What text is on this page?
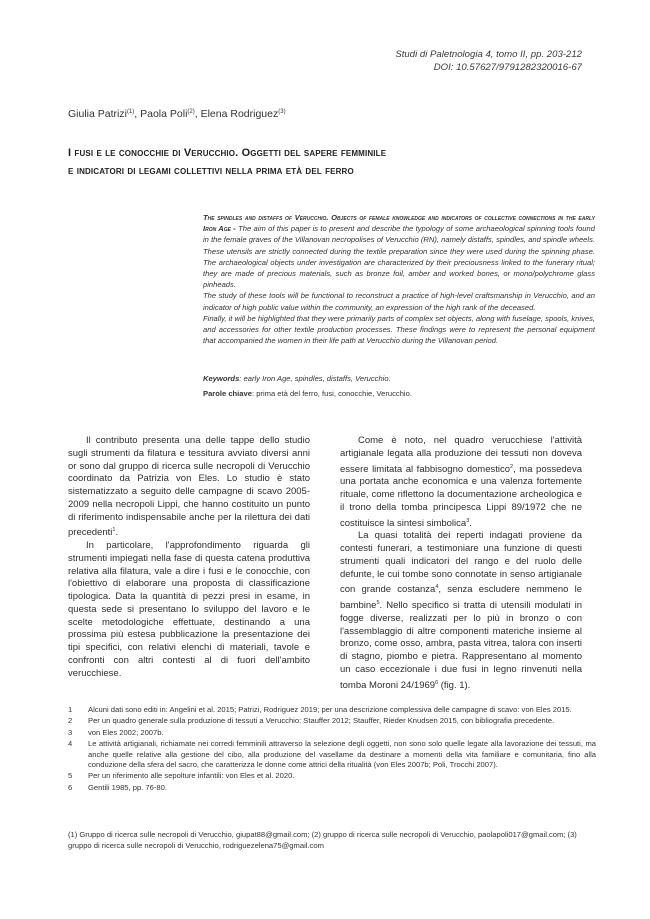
Studi di Paletnologia 4, tomo II, pp. 203-212
DOI: 10.57627/9791282320016-67
Giulia Patrizi$^{(1)}$, Paola Poli$^{(2)}$, Elena Rodriguez$^{(3)}$
I fusi e le conocchie di Verucchio. Oggetti del sapere femminile
e indicatori di legami collettivi nella prima età del ferro

The spindles and distaffs of Verucchio. Objects of female knowledge and indicators of collective connections in the early Iron Age - The aim of this paper is to present and describe the typology of some archaeological spinning tools found in the female graves of the Villanovan necropolises of Verucchio (RN), namely distaffs, spindles, and spindle wheels. These utensils are strictly connected during the textile preparation since they were used during the spinning phase. The archaeological objects under investigation are characterized by their preciousness linked to the funerary ritual; they are made of precious materials, such as bronze foil, amber and worked bones, or mono/polychrome glass pinheads.

The study of these tools will be functional to reconstruct a practice of high-level craftsmanship in Verucchio, and an indicator of high public value within the community, an expression of the high rank of the deceased.

Finally, it will be highlighted that they were primarily parts of complex set objects, along with fuselage, spools, knives, and accessories for other textile production processes. These findings were to represent the personal equipment that accompanied the women in their life path at Verucchio during the Villanovan period.

Keywords: early Iron Age, spindles, distaffs, Verucchio.
Parole chiave: prima età del ferro, fusi, conocchie, Verucchio.

Il contributo presenta una delle tappe dello studio sugli strumenti da filatura e tessitura avviato diversi anni or sono dal gruppo di ricerca sulle necropoli di Verucchio coordinato da Patrizia von Eles. Lo studio è stato sistematizzato a seguito delle campagne di scavo 2005-2009 nella necropoli Lippi, che hanno costituito un punto di riferimento indispensabile anche per la rilettura dei dati precedenti$^1$.

In particolare, l'approfondimento riguarda gli strumenti impiegati nella fase di questa catena produttiva relativa alla filatura, vale a dire i fusi e le conocchie, con l'obiettivo di elaborare una proposta di classificazione tipologica. Data la quantità di pezzi presi in esame, in questa sede si presentano lo sviluppo del lavoro e le scelte metodologiche effettuate, destinando a una prossima più estesa pubblicazione la presentazione dei tipi specifici, con relativi elenchi di materiali, tavole e confronti con altri contesti al di fuori dell'ambito verucchiese.

Come è noto, nel quadro verucchiese l'attività artigianale legata alla produzione dei tessuti non doveva essere limitata al fabbisogno domestico$^2$, ma possedeva una portata anche economica e una valenza fortemente rituale, come riflettono la documentazione archeologica e il trono della tomba principesca Lippi 89/1972 che ne costituisce la sintesi simbolica$^3$.

La quasi totalità dei reperti indagati proviene da contesti funerari, a testimoniare una funzione di questi strumenti quali indicatori del rango e del ruolo delle defunte, le cui tombe sono connotate in senso artigianale con grande costanza$^4$, senza escludere nemmeno le bambine$^5$. Nello specifico si tratta di utensili modulati in fogge diverse, realizzati per lo più in bronzo o con l'assemblaggio di altre componenti materiche insieme al bronzo, come osso, ambra, pasta vitrea, talora con inserti di stagno, piombo e pietra. Rappresentano al momento un caso eccezionale i due fusi in legno rinvenuti nella tomba Moroni 24/1969$^6$ (fig. 1).

1	Alcuni dati sono editi in: Angelini et al. 2015; Patrizi, Rodriguez 2019; per una descrizione complessiva delle campagne di scavo: von Eles 2015.
2	Per un quadro generale sulla produzione di tessuti a Verucchio: Stauffer 2012; Stauffer, Rieder Knudsen 2015, con bibliografia precedente.
3	von Eles 2002; 2007b.
4	Le attività artigianali, richiamate nei corredi femminili attraverso la selezione degli oggetti, non sono solo quelle legate alla lavorazione dei tessuti, ma anche quelle relative alla gestione del cibo, alla produzione del vasellame da destinare a momenti della vita familiare e comunitaria, fino alla conduzione della sfera del sacro, che caratterizza le donne come attrici della ritualità (von Eles 2007b; Poli, Trocchi 2007).
5	Per un riferimento alle sepolture infantili: von Eles et al. 2020.
6	Gentili 1985, pp. 76-80.
(1) Gruppo di ricerca sulle necropoli di Verucchio, giupat88@gmail.com; (2) gruppo di ricerca sulle necropoli di Verucchio, paolapoli017@gmail.com; (3) gruppo di ricerca sulle necropoli di Verucchio, rodriguezelena75@gmail.com
